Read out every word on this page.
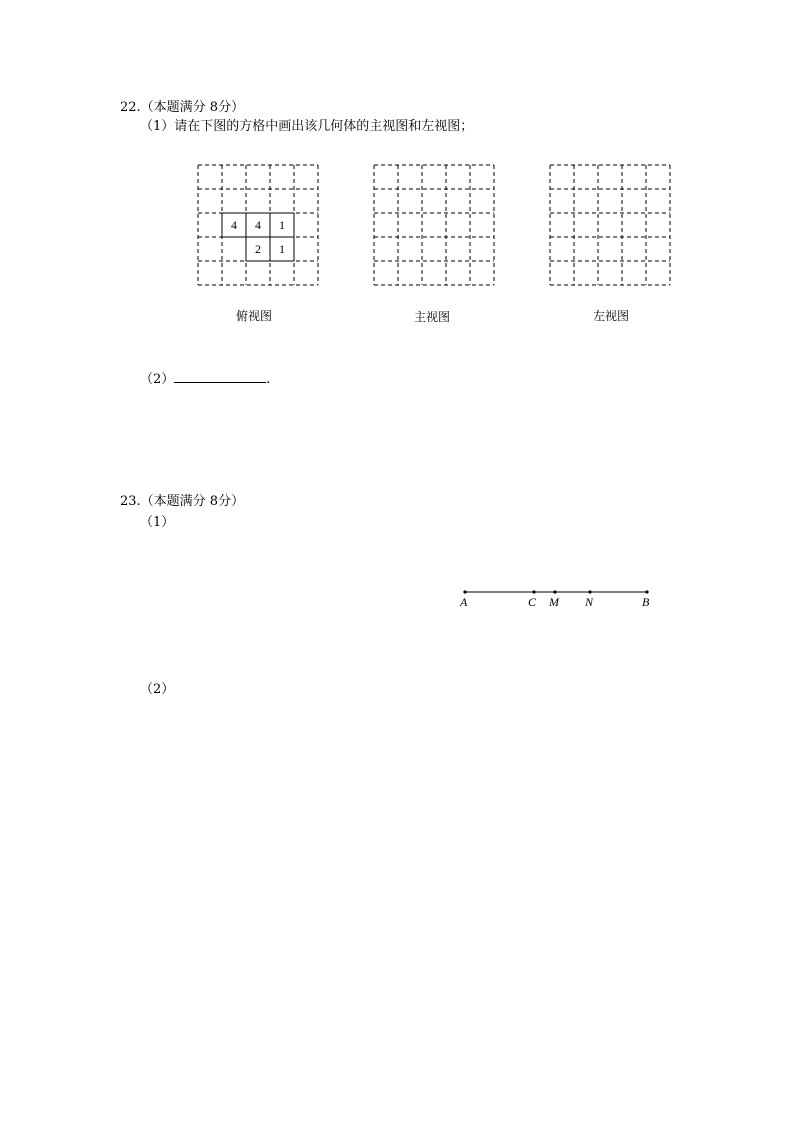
22.（本题满分 8分）
（1）请在下图的方格中画出该几何体的主视图和左视图；
4 4 1
2 1
俯视图	主视图	左视图
（2）	.
23.（本题满分 8分）
（1）
A	C M N	B
（2）
